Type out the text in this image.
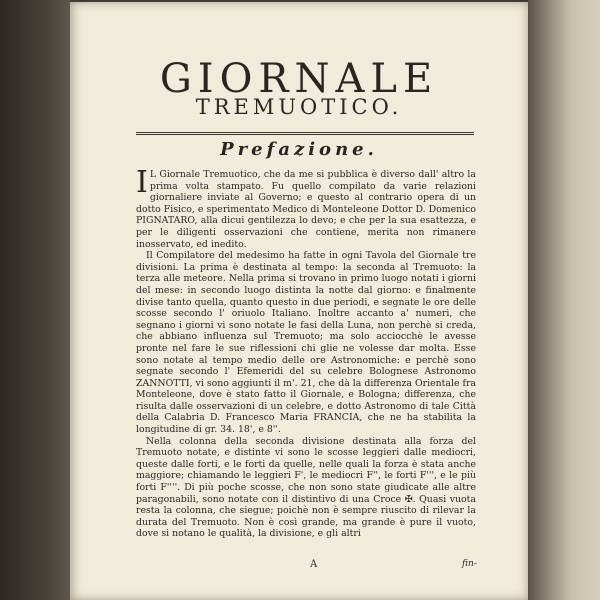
GIORNALE
TREMUOTICO.
Prefazione.

I L Giornale Tremuotico, che da me si pubblica è diverso dall' altro la prima volta stampato. Fu quello compilato da varie relazioni giornaliere inviate al Governo; e questo al contrario opera di un dotto Fisico, e sperimentato Medico di Monteleone Dottor D. Domenico PIGNATARO, alla dicui gentilezza lo devo; e che per la sua esattezza, e per le diligenti osservazioni che contiene, merita non rimanere inosservato, ed inedito.

Il Compilatore del medesimo ha fatte in ogni Tavola del Giornale tre divisioni. La prima è destinata al tempo: la seconda al Tremuoto: la terza alle meteore. Nella prima si trovano in primo luogo notati i giorni del mese: in secondo luogo distinta la notte dal giorno: e finalmente divise tanto quella, quanto questo in due periodi, e segnate le ore delle scosse secondo l' oriuolo Italiano. Inoltre accanto a' numeri, che segnano i giorni vi sono notate le fasi della Luna, non perchè si creda, che abbiano influenza sul Tremuoto; ma solo acciocchè le avesse pronte nel fare le sue riflessioni chi glie ne volesse dar molta. Esse sono notate al tempo medio delle ore Astronomiche: e perchè sono segnate secondo l' Efemeridi del su celebre Bolognese Astronomo ZANNOTTI, vi sono aggiunti il m'. 21, che dà la differenza Orientale fra Monteleone, dove è stato fatto il Giornale, e Bologna; differenza, che risulta dalle osservazioni di un celebre, e dotto Astronomo di tale Città della Calabria D. Francesco Maria FRANCIA, che ne ha stabilita la longitudine di gr. 34. 18', e 8''.

Nella colonna della seconda divisione destinata alla forza del Tremuoto notate, e distinte vi sono le scosse leggieri dalle mediocri, queste dalle forti, e le forti da quelle, nelle quali la forza è stata anche maggiore; chiamando le leggieri F', le mediocri F'', le forti F''', e le più forti F''''. Di più poche scosse, che non sono state giudicate alle altre paragonabili, sono notate con il distintivo di una Croce ✠. Quasi vuota resta la colonna, che siegue; poichè non è sempre riuscito di rilevar la durata del Tremuoto. Non è così grande, ma grande è pure il vuoto, dove si notano le qualità, la divisione, e gli altri

A	fin-
